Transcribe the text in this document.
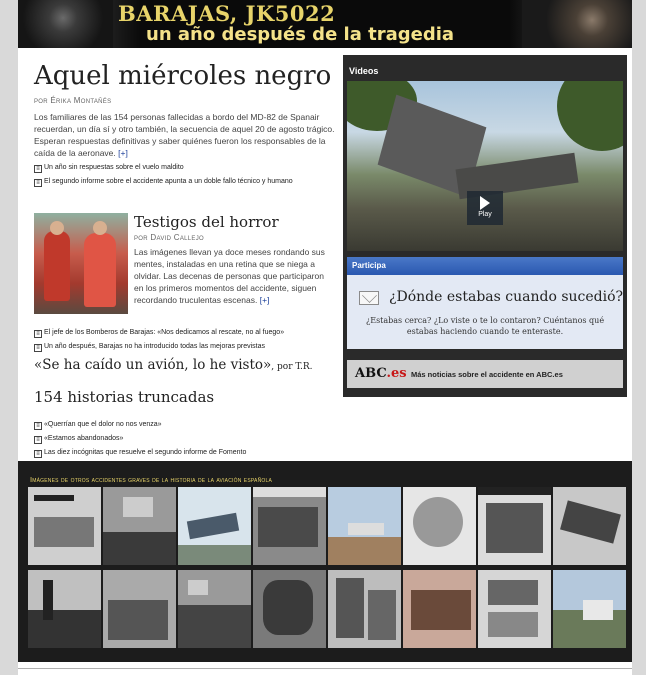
BARAJAS, JK5022
un año después de la tragedia
Aquel miércoles negro
por Érika Montañés

Los familiares de las 154 personas fallecidas a bordo del MD-82 de Spanair recuerdan, un día sí y otro también, la secuencia de aquel 20 de agosto trágico. Esperan respuestas definitivas y saber quiénes fueron los responsables de la caída de la aeronave. [+]

≡ Un año sin respuestas sobre el vuelo maldito
≡ El segundo informe sobre el accidente apunta a un doble fallo técnico y humano
Testigos del horror
por David Callejo

Las imágenes llevan ya doce meses rondando sus mentes, instaladas en una retina que se niega a olvidar. Las decenas de personas que participaron en los primeros momentos del accidente, siguen recordando truculentas escenas. [+]

≡ El jefe de los Bomberos de Barajas: «Nos dedicamos al rescate, no al fuego»
≡ Un año después, Barajas no ha introducido todas las mejoras previstas
«Se ha caído un avión, lo he visto», por T.R.
154 historias truncadas
≡ «Querrían que el dolor no nos venza»
≡ «Estamos abandonados»
≡ Las diez incógnitas que resuelve el segundo informe de Fomento
Videos
Play
Participa
¿Dónde estabas cuando sucedió?
¿Estabas cerca? ¿Lo viste o te lo contaron? Cuéntanos qué estabas haciendo cuando te enteraste.
ABC.es Más noticias sobre el accidente en ABC.es
Imágenes de otros accidentes graves de la historia de la aviación española
